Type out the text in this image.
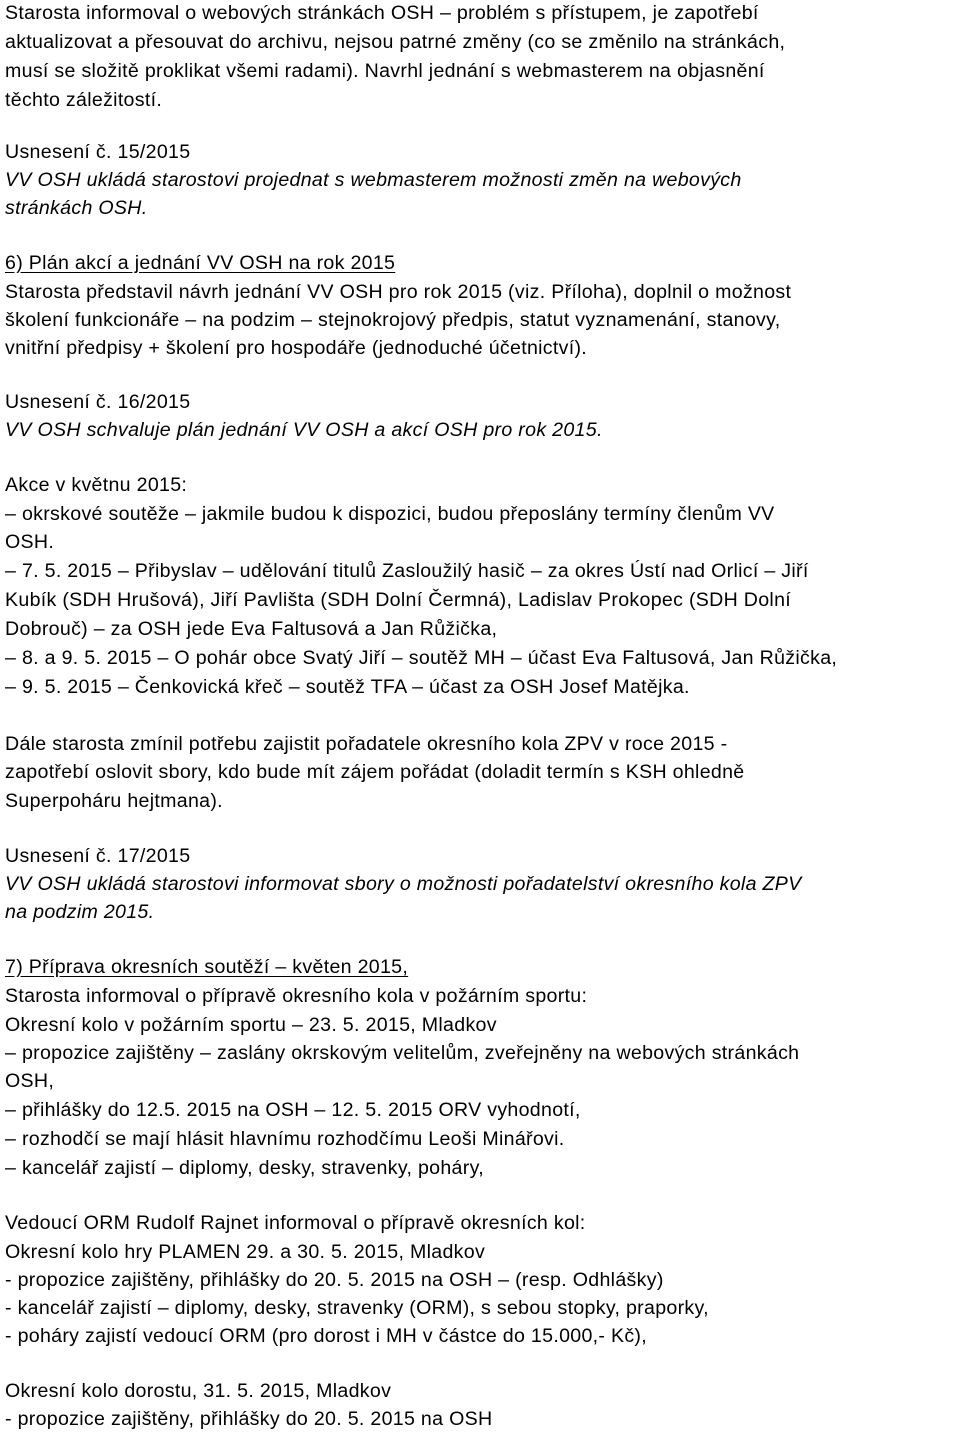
Starosta informoval o webových stránkách OSH – problém s přístupem, je zapotřebí
aktualizovat a přesouvat do archivu, nejsou patrné změny (co se změnilo na stránkách,
musí se složitě proklikat všemi radami). Navrhl jednání s webmasterem na objasnění
těchto záležitostí.
Usnesení č. 15/2015
VV OSH ukládá starostovi projednat s webmasterem možnosti změn na webových
stránkách OSH.
6) Plán akcí a jednání VV OSH na rok 2015
Starosta představil návrh jednání VV OSH pro rok 2015 (viz. Příloha), doplnil o možnost
školení funkcionáře – na podzim – stejnokrojový předpis, statut vyznamenání, stanovy,
vnitřní předpisy + školení pro hospodáře (jednoduché účetnictví).
Usnesení č. 16/2015
VV OSH schvaluje plán jednání VV OSH a akcí OSH pro rok 2015.
Akce v květnu 2015:
– okrskové soutěže – jakmile budou k dispozici, budou přeposlány termíny členům VV
OSH.
– 7. 5. 2015 – Přibyslav – udělování titulů Zasloužilý hasič – za okres Ústí nad Orlicí – Jiří
Kubík (SDH Hrušová), Jiří Pavlišta (SDH Dolní Čermná), Ladislav Prokopec (SDH Dolní
Dobrouč) – za OSH jede Eva Faltusová a Jan Růžička,
– 8. a 9. 5. 2015 – O pohár obce Svatý Jiří – soutěž MH – účast Eva Faltusová, Jan Růžička,
– 9. 5. 2015 – Čenkovická křeč – soutěž TFA – účast za OSH Josef Matějka.
Dále starosta zmínil potřebu zajistit pořadatele okresního kola ZPV v roce 2015 -
zapotřebí oslovit sbory, kdo bude mít zájem pořádat (doladit termín s KSH ohledně
Superpoháru hejtmana).
Usnesení č. 17/2015
VV OSH ukládá starostovi informovat sbory o možnosti pořadatelství okresního kola ZPV
na podzim 2015.
7) Příprava okresních soutěží – květen 2015,
Starosta informoval o přípravě okresního kola v požárním sportu:
Okresní kolo v požárním sportu – 23. 5. 2015, Mladkov
– propozice zajištěny – zaslány okrskovým velitelům, zveřejněny na webových stránkách
OSH,
– přihlášky do 12.5. 2015 na OSH – 12. 5. 2015 ORV vyhodnotí,
– rozhodčí se mají hlásit hlavnímu rozhodčímu Leoši Minářovi.
– kancelář zajistí – diplomy, desky, stravenky, poháry,
Vedoucí ORM Rudolf Rajnet informoval o přípravě okresních kol:
Okresní kolo hry PLAMEN 29. a 30. 5. 2015, Mladkov
- propozice zajištěny, přihlášky do 20. 5. 2015 na OSH – (resp. Odhlášky)
- kancelář zajistí – diplomy, desky, stravenky (ORM), s sebou stopky, praporky,
- poháry zajistí vedoucí ORM (pro dorost i MH v částce do 15.000,- Kč),
Okresní kolo dorostu, 31. 5. 2015, Mladkov
- propozice zajištěny, přihlášky do 20. 5. 2015 na OSH
